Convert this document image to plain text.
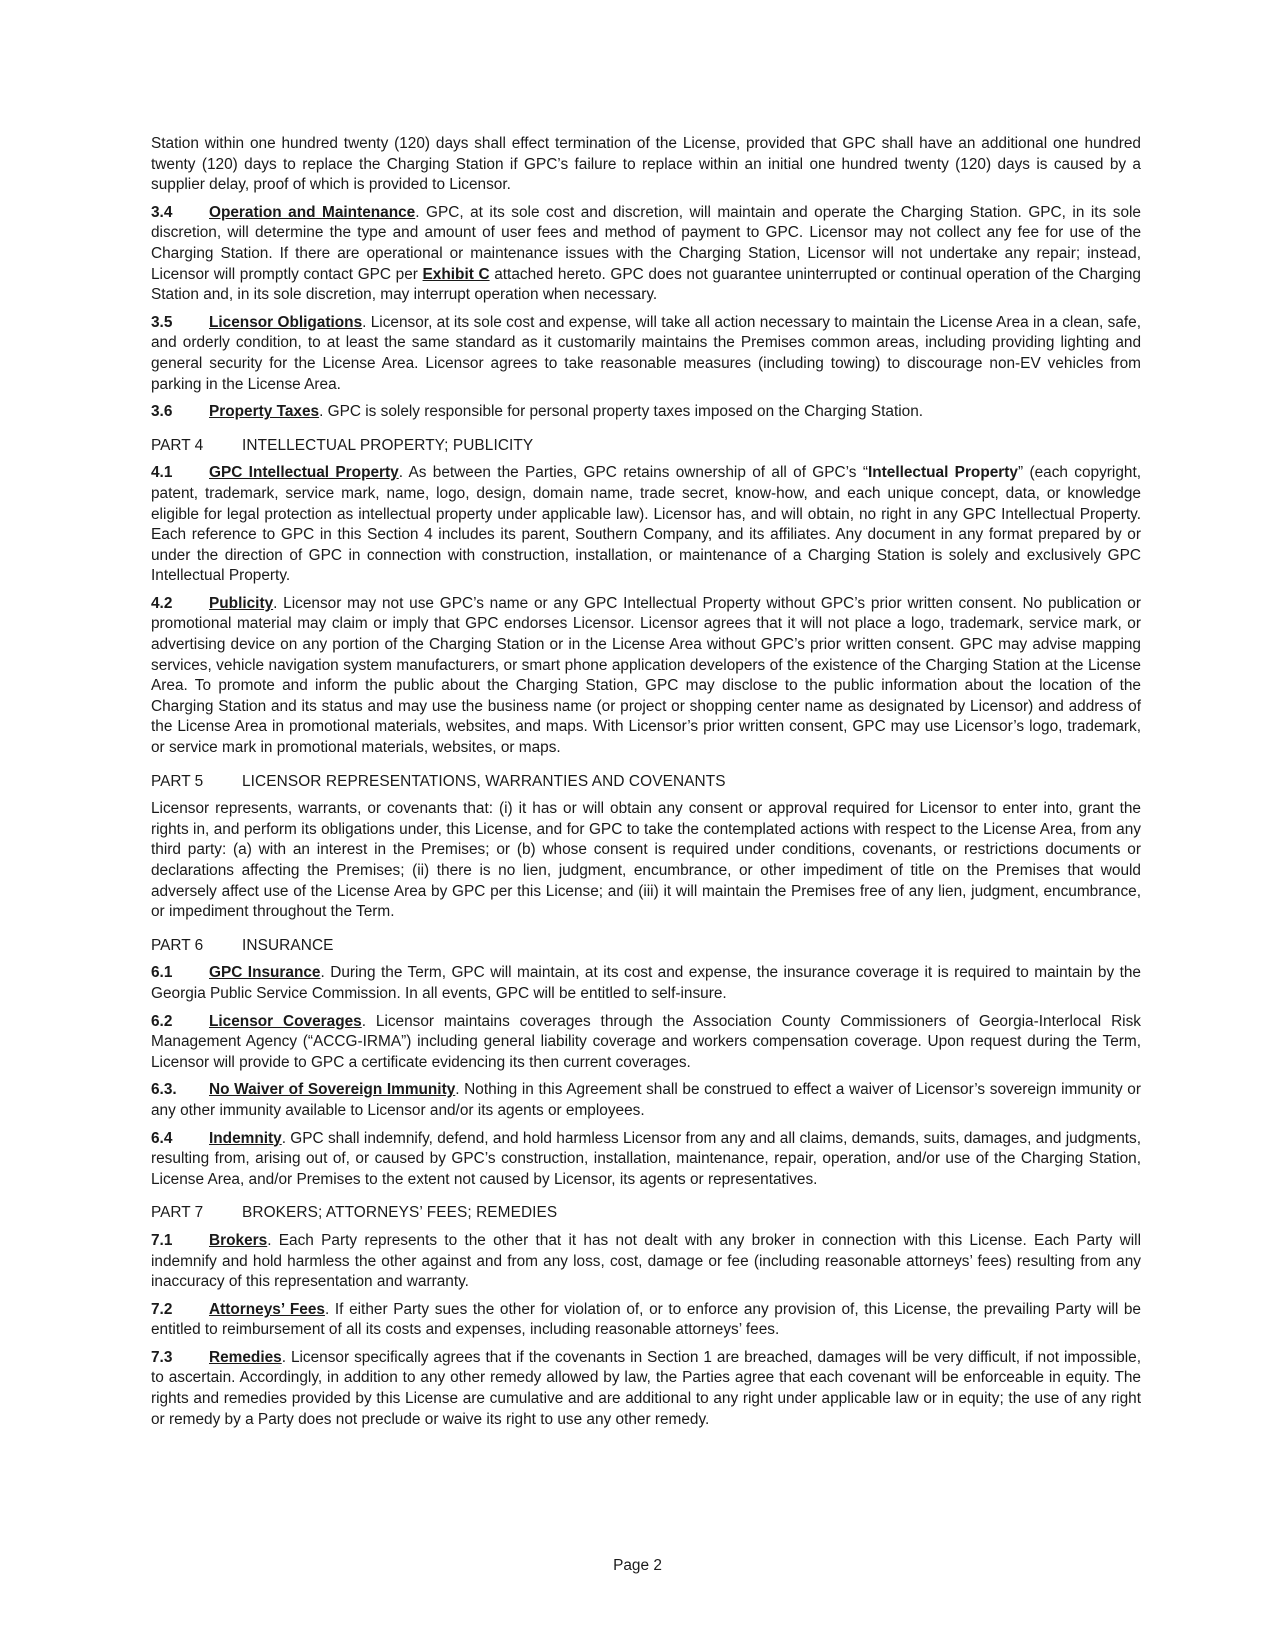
Station within one hundred twenty (120) days shall effect termination of the License, provided that GPC shall have an additional one hundred twenty (120) days to replace the Charging Station if GPC’s failure to replace within an initial one hundred twenty (120) days is caused by a supplier delay, proof of which is provided to Licensor.

3.4 Operation and Maintenance. GPC, at its sole cost and discretion, will maintain and operate the Charging Station. GPC, in its sole discretion, will determine the type and amount of user fees and method of payment to GPC. Licensor may not collect any fee for use of the Charging Station. If there are operational or maintenance issues with the Charging Station, Licensor will not undertake any repair; instead, Licensor will promptly contact GPC per Exhibit C attached hereto. GPC does not guarantee uninterrupted or continual operation of the Charging Station and, in its sole discretion, may interrupt operation when necessary.

3.5 Licensor Obligations. Licensor, at its sole cost and expense, will take all action necessary to maintain the License Area in a clean, safe, and orderly condition, to at least the same standard as it customarily maintains the Premises common areas, including providing lighting and general security for the License Area. Licensor agrees to take reasonable measures (including towing) to discourage non-EV vehicles from parking in the License Area.

3.6 Property Taxes. GPC is solely responsible for personal property taxes imposed on the Charging Station.

PART 4	INTELLECTUAL PROPERTY; PUBLICITY

4.1 GPC Intellectual Property. As between the Parties, GPC retains ownership of all of GPC’s “Intellectual Property” (each copyright, patent, trademark, service mark, name, logo, design, domain name, trade secret, know-how, and each unique concept, data, or knowledge eligible for legal protection as intellectual property under applicable law). Licensor has, and will obtain, no right in any GPC Intellectual Property. Each reference to GPC in this Section 4 includes its parent, Southern Company, and its affiliates. Any document in any format prepared by or under the direction of GPC in connection with construction, installation, or maintenance of a Charging Station is solely and exclusively GPC Intellectual Property.

4.2 Publicity. Licensor may not use GPC’s name or any GPC Intellectual Property without GPC’s prior written consent. No publication or promotional material may claim or imply that GPC endorses Licensor. Licensor agrees that it will not place a logo, trademark, service mark, or advertising device on any portion of the Charging Station or in the License Area without GPC’s prior written consent. GPC may advise mapping services, vehicle navigation system manufacturers, or smart phone application developers of the existence of the Charging Station at the License Area. To promote and inform the public about the Charging Station, GPC may disclose to the public information about the location of the Charging Station and its status and may use the business name (or project or shopping center name as designated by Licensor) and address of the License Area in promotional materials, websites, and maps. With Licensor’s prior written consent, GPC may use Licensor’s logo, trademark, or service mark in promotional materials, websites, or maps.

PART 5	LICENSOR REPRESENTATIONS, WARRANTIES AND COVENANTS

Licensor represents, warrants, or covenants that: (i) it has or will obtain any consent or approval required for Licensor to enter into, grant the rights in, and perform its obligations under, this License, and for GPC to take the contemplated actions with respect to the License Area, from any third party: (a) with an interest in the Premises; or (b) whose consent is required under conditions, covenants, or restrictions documents or declarations affecting the Premises; (ii) there is no lien, judgment, encumbrance, or other impediment of title on the Premises that would adversely affect use of the License Area by GPC per this License; and (iii) it will maintain the Premises free of any lien, judgment, encumbrance, or impediment throughout the Term.

PART 6	INSURANCE

6.1 GPC Insurance. During the Term, GPC will maintain, at its cost and expense, the insurance coverage it is required to maintain by the Georgia Public Service Commission. In all events, GPC will be entitled to self-insure.

6.2 Licensor Coverages. Licensor maintains coverages through the Association County Commissioners of Georgia-Interlocal Risk Management Agency (“ACCG-IRMA”) including general liability coverage and workers compensation coverage. Upon request during the Term, Licensor will provide to GPC a certificate evidencing its then current coverages.

6.3. No Waiver of Sovereign Immunity. Nothing in this Agreement shall be construed to effect a waiver of Licensor’s sovereign immunity or any other immunity available to Licensor and/or its agents or employees.

6.4 Indemnity. GPC shall indemnify, defend, and hold harmless Licensor from any and all claims, demands, suits, damages, and judgments, resulting from, arising out of, or caused by GPC’s construction, installation, maintenance, repair, operation, and/or use of the Charging Station, License Area, and/or Premises to the extent not caused by Licensor, its agents or representatives.

PART 7	BROKERS; ATTORNEYS’ FEES; REMEDIES

7.1 Brokers. Each Party represents to the other that it has not dealt with any broker in connection with this License. Each Party will indemnify and hold harmless the other against and from any loss, cost, damage or fee (including reasonable attorneys’ fees) resulting from any inaccuracy of this representation and warranty.

7.2 Attorneys’ Fees. If either Party sues the other for violation of, or to enforce any provision of, this License, the prevailing Party will be entitled to reimbursement of all its costs and expenses, including reasonable attorneys’ fees.

7.3 Remedies. Licensor specifically agrees that if the covenants in Section 1 are breached, damages will be very difficult, if not impossible, to ascertain. Accordingly, in addition to any other remedy allowed by law, the Parties agree that each covenant will be enforceable in equity. The rights and remedies provided by this License are cumulative and are additional to any right under applicable law or in equity; the use of any right or remedy by a Party does not preclude or waive its right to use any other remedy.

Page 2
